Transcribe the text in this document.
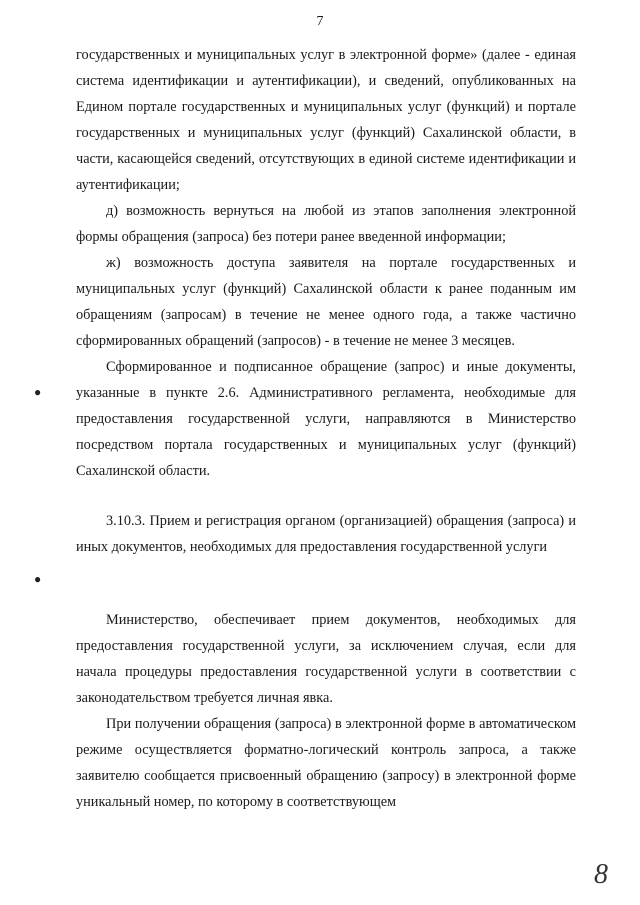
7

государственных и муниципальных услуг в электронной форме» (далее - единая система идентификации и аутентификации), и сведений, опубликованных на Едином портале государственных и муниципальных услуг (функций) и портале государственных и муниципальных услуг (функций) Сахалинской области, в части, касающейся сведений, отсутствующих в единой системе идентификации и аутентификации;

д) возможность вернуться на любой из этапов заполнения электронной формы обращения (запроса) без потери ранее введенной информации;

ж) возможность доступа заявителя на портале государственных и муниципальных услуг (функций) Сахалинской области к ранее поданным им обращениям (запросам) в течение не менее одного года, а также частично сформированных обращений (запросов) - в течение не менее 3 месяцев.

Сформированное и подписанное обращение (запрос) и иные документы, указанные в пункте 2.6. Административного регламента, необходимые для предоставления государственной услуги, направляются в Министерство посредством портала государственных и муниципальных услуг (функций) Сахалинской области.

3.10.3. Прием и регистрация органом (организацией) обращения (запроса) и иных документов, необходимых для предоставления государственной услуги

Министерство, обеспечивает прием документов, необходимых для предоставления государственной услуги, за исключением случая, если для начала процедуры предоставления государственной услуги в соответствии с законодательством требуется личная явка.

При получении обращения (запроса) в электронной форме в автоматическом режиме осуществляется форматно-логический контроль запроса, а также заявителю сообщается присвоенный обращению (запросу) в электронной форме уникальный номер, по которому в соответствующем

●
●
8
